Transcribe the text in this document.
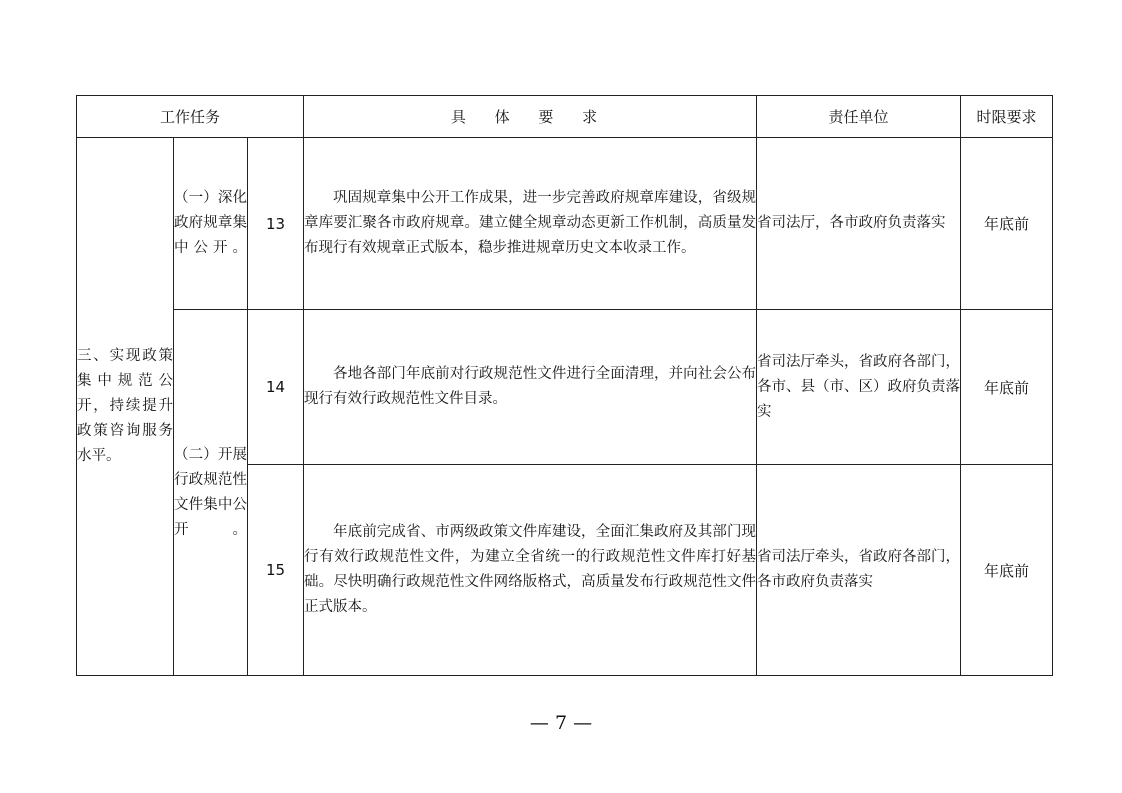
工作任务			具 体 要 求	责任单位	时限要求

三、实现政策集中规范公开，持续提升政策咨询服务水平。	（一）深化政府规章集中公开。	13	巩固规章集中公开工作成果，进一步完善政府规章库建设，省级规章库要汇聚各市政府规章。建立健全规章动态更新工作机制，高质量发布现行有效规章正式版本，稳步推进规章历史文本收录工作。	省司法厅，各市政府负责落实	年底前

	（二）开展行政规范性文件集中公开。	14	各地各部门年底前对行政规范性文件进行全面清理，并向社会公布现行有效行政规范性文件目录。	省司法厅牵头，省政府各部门，各市、县（市、区）政府负责落实	年底前
		15	年底前完成省、市两级政策文件库建设，全面汇集政府及其部门现行有效行政规范性文件，为建立全省统一的行政规范性文件库打好基础。尽快明确行政规范性文件网络版格式，高质量发布行政规范性文件正式版本。	省司法厅牵头，省政府各部门，各市政府负责落实	年底前
— 7 —
